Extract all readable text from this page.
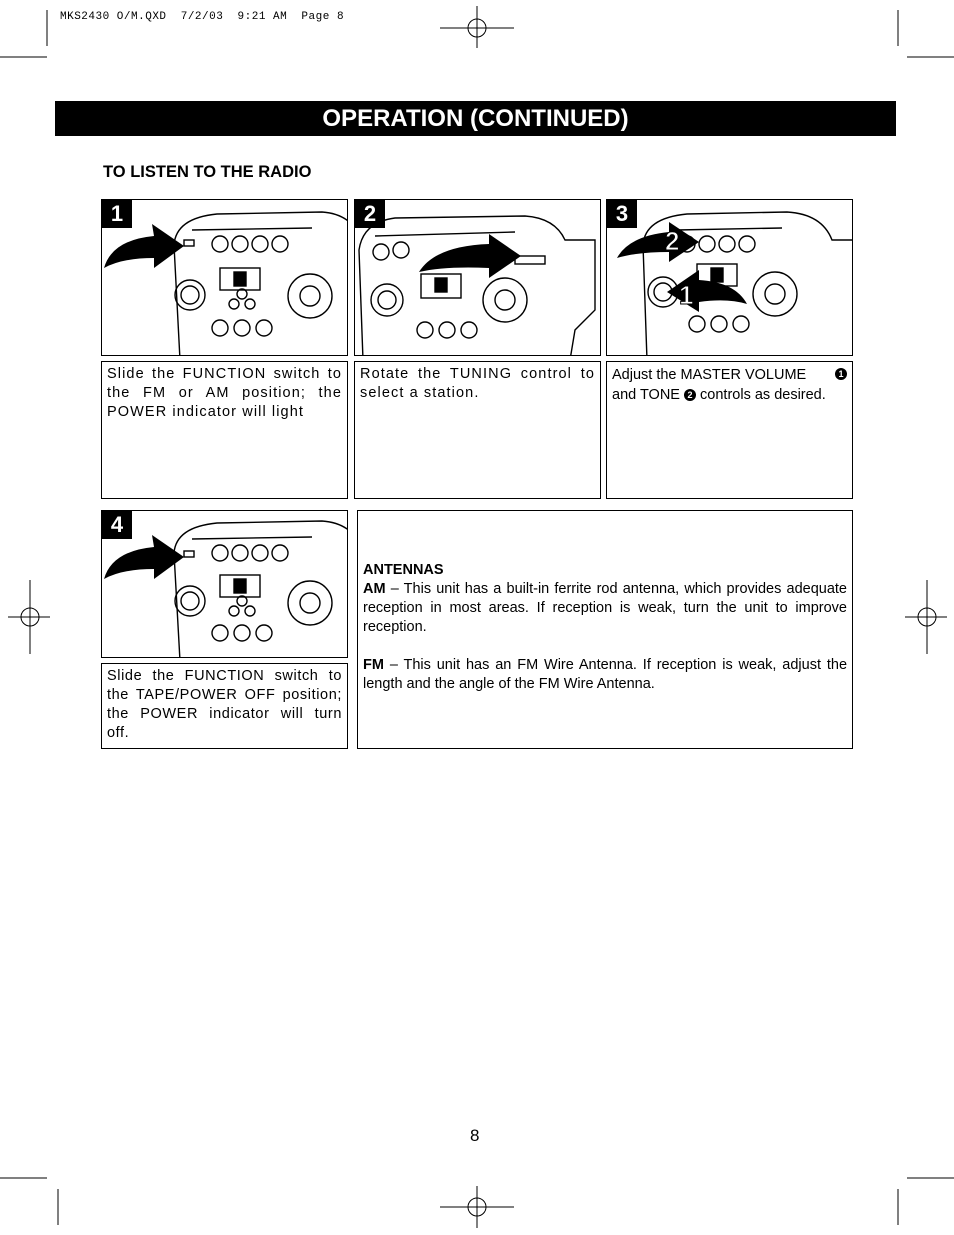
MKS2430 O/M.QXD  7/2/03  9:21 AM  Page 8
OPERATION (CONTINUED)
TO LISTEN TO THE RADIO
1	2
2
1
3
Slide the FUNCTION switch to the FM or AM position; the POWER indicator will light
Rotate the TUNING control to select a station.
Adjust the MASTER VOLUME	1

and TONE 2 controls as desired.
4
Slide the FUNCTION switch to the TAPE/POWER OFF position; the POWER indicator will turn off.

ANTENNAS

AM – This unit has a built-in ferrite rod antenna, which provides adequate reception in most areas. If reception is weak, turn the unit to improve reception.

FM – This unit has an FM Wire Antenna. If reception is weak, adjust the length and the angle of the FM Wire Antenna.

8
